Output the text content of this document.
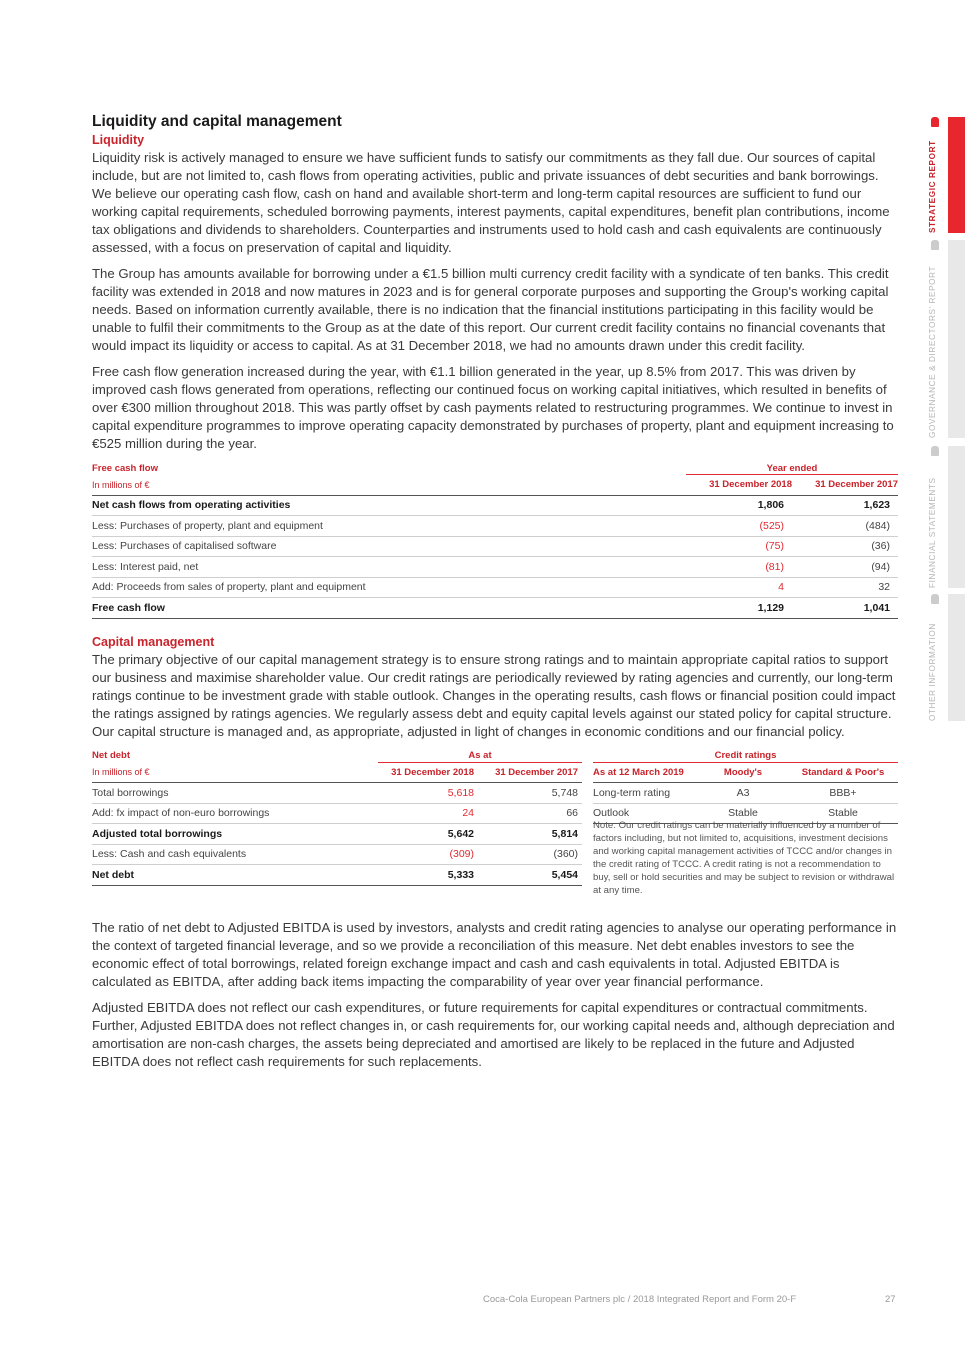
Liquidity and capital management
Liquidity

Liquidity risk is actively managed to ensure we have sufficient funds to satisfy our commitments as they fall due. Our sources of capital include, but are not limited to, cash flows from operating activities, public and private issuances of debt securities and bank borrowings. We believe our operating cash flow, cash on hand and available short-term and long-term capital resources are sufficient to fund our working capital requirements, scheduled borrowing payments, interest payments, capital expenditures, benefit plan contributions, income tax obligations and dividends to shareholders. Counterparties and instruments used to hold cash and cash equivalents are continuously assessed, with a focus on preservation of capital and liquidity.

The Group has amounts available for borrowing under a €1.5 billion multi currency credit facility with a syndicate of ten banks. This credit facility was extended in 2018 and now matures in 2023 and is for general corporate purposes and supporting the Group's working capital needs. Based on information currently available, there is no indication that the financial institutions participating in this facility would be unable to fulfil their commitments to the Group as at the date of this report. Our current credit facility contains no financial covenants that would impact its liquidity or access to capital. As at 31 December 2018, we had no amounts drawn under this credit facility.

Free cash flow generation increased during the year, with €1.1 billion generated in the year, up 8.5% from 2017. This was driven by improved cash flows generated from operations, reflecting our continued focus on working capital initiatives, which resulted in benefits of over €300 million throughout 2018. This was partly offset by cash payments related to restructuring programmes. We continue to invest in capital expenditure programmes to improve operating capacity demonstrated by purchases of property, plant and equipment increasing to €525 million during the year.

Free cash flow	Year ended	
In millions of €	31 December 2018	31 December 2017
Net cash flows from operating activities	1,806	1,623
Less: Purchases of property, plant and equipment	(525)	(484)
Less: Purchases of capitalised software	(75)	(36)
Less: Interest paid, net	(81)	(94)
Add: Proceeds from sales of property, plant and equipment	4	32
Free cash flow	1,129	1,041
Capital management

The primary objective of our capital management strategy is to ensure strong ratings and to maintain appropriate capital ratios to support our business and maximise shareholder value. Our credit ratings are periodically reviewed by rating agencies and currently, our long-term ratings continue to be investment grade with stable outlook. Changes in the operating results, cash flows or financial position could impact the ratings assigned by ratings agencies. We regularly assess debt and equity capital levels against our stated policy for capital structure. Our capital structure is managed and, as appropriate, adjusted in light of changes in economic conditions and our financial policy.

Net debt	As at	
In millions of €	31 December 2018	31 December 2017
Total borrowings	5,618	5,748
Add: fx impact of non-euro borrowings	24	66
Adjusted total borrowings	5,642	5,814
Less: Cash and cash equivalents	(309)	(360)
Net debt	5,333	5,454
Credit ratings		
As at 12 March 2019	Moody's	Standard & Poor's
Long-term rating	A3	BBB+
Outlook	Stable	Stable
Note: Our credit ratings can be materially influenced by a number of factors including, but not limited to, acquisitions, investment decisions and working capital management activities of TCCC and/or changes in the credit rating of TCCC. A credit rating is not a recommendation to buy, sell or hold securities and may be subject to revision or withdrawal at any time.

The ratio of net debt to Adjusted EBITDA is used by investors, analysts and credit rating agencies to analyse our operating performance in the context of targeted financial leverage, and so we provide a reconciliation of this measure. Net debt enables investors to see the economic effect of total borrowings, related foreign exchange impact and cash and cash equivalents in total. Adjusted EBITDA is calculated as EBITDA, after adding back items impacting the comparability of year over year financial performance.

Adjusted EBITDA does not reflect our cash expenditures, or future requirements for capital expenditures or contractual commitments. Further, Adjusted EBITDA does not reflect changes in, or cash requirements for, our working capital needs and, although depreciation and amortisation are non-cash charges, the assets being depreciated and amortised are likely to be replaced in the future and Adjusted EBITDA does not reflect cash requirements for such replacements.

Coca-Cola European Partners plc / 2018 Integrated Report and Form 20-F	27
STRATEGIC REPORT
GOVERNANCE & DIRECTORS' REPORT
FINANCIAL STATEMENTS
OTHER INFORMATION
